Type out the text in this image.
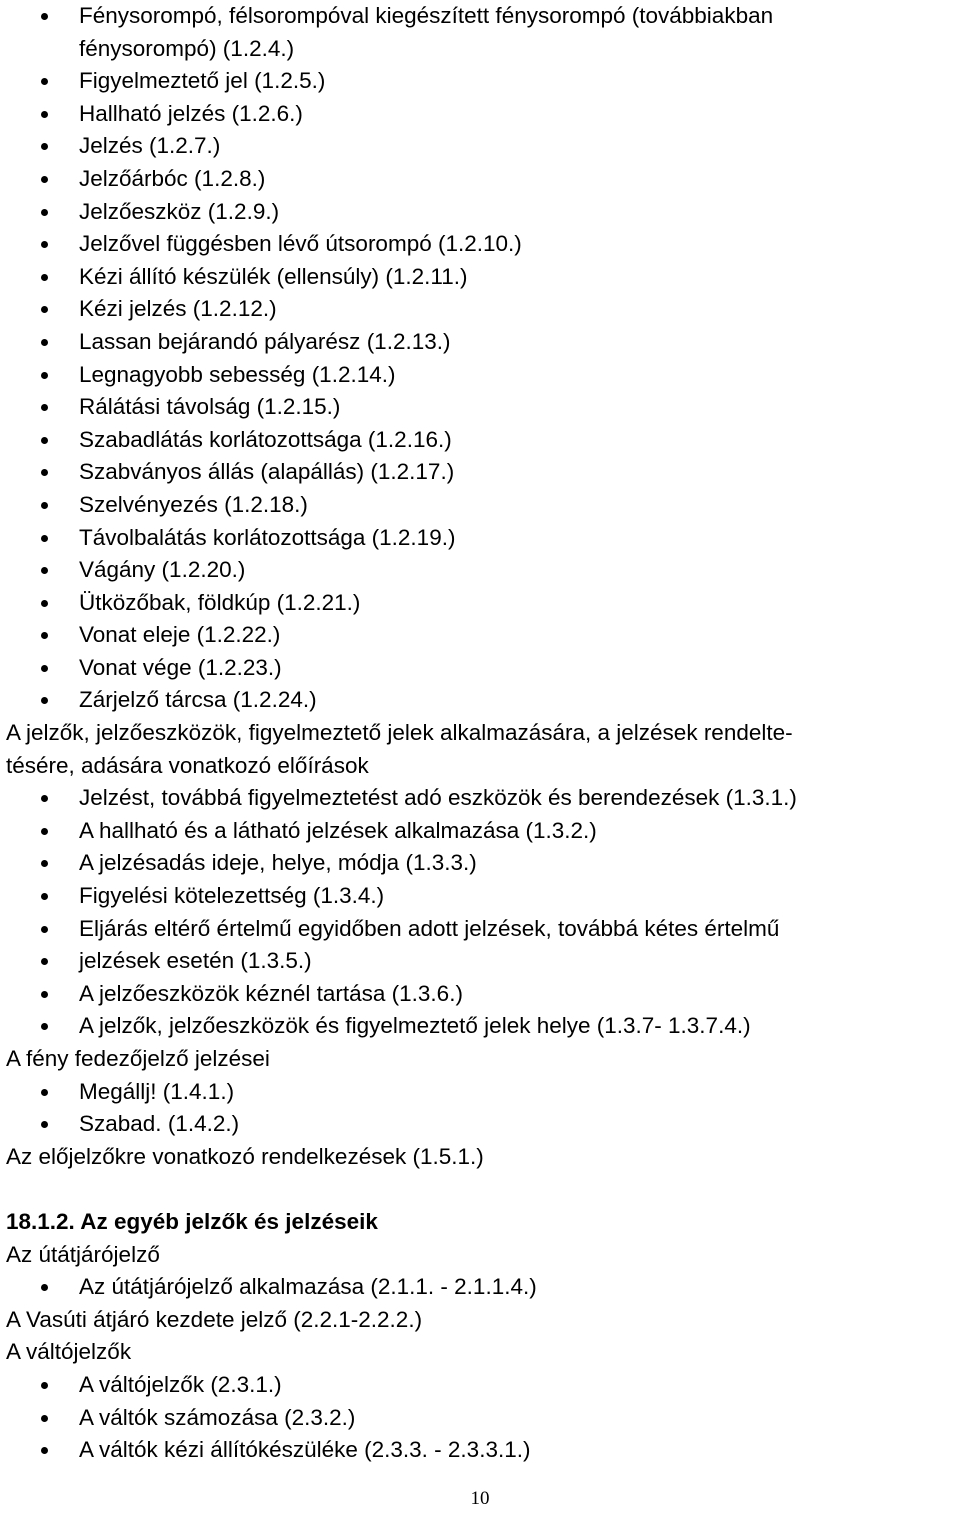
Fénysorompó, félsorompóval kiegészített fénysorompó (továbbiakban
fénysorompó) (1.2.4.)
Figyelmeztető jel (1.2.5.)
Hallható jelzés (1.2.6.)
Jelzés (1.2.7.)
Jelzőárbóc (1.2.8.)
Jelzőeszköz (1.2.9.)
Jelzővel függésben lévő útsorompó (1.2.10.)
Kézi állító készülék (ellensúly) (1.2.11.)
Kézi jelzés (1.2.12.)
Lassan bejárandó pályarész (1.2.13.)
Legnagyobb sebesség (1.2.14.)
Rálátási távolság (1.2.15.)
Szabadlátás korlátozottsága (1.2.16.)
Szabványos állás (alapállás) (1.2.17.)
Szelvényezés (1.2.18.)
Távolbalátás korlátozottsága (1.2.19.)
Vágány (1.2.20.)
Ütközőbak, földkúp (1.2.21.)
Vonat eleje (1.2.22.)
Vonat vége (1.2.23.)
Zárjelző tárcsa (1.2.24.)
A jelzők, jelzőeszközök, figyelmeztető jelek alkalmazására, a jelzések rendelte-
tésére, adására vonatkozó előírások
Jelzést, továbbá figyelmeztetést adó eszközök és berendezések (1.3.1.)
A hallható és a látható jelzések alkalmazása (1.3.2.)
A jelzésadás ideje, helye, módja (1.3.3.)
Figyelési kötelezettség (1.3.4.)
Eljárás eltérő értelmű egyidőben adott jelzések, továbbá kétes értelmű
jelzések esetén (1.3.5.)
A jelzőeszközök kéznél tartása (1.3.6.)
A jelzők, jelzőeszközök és figyelmeztető jelek helye (1.3.7- 1.3.7.4.)
A fény fedezőjelző jelzései
Megállj! (1.4.1.)
Szabad. (1.4.2.)
Az előjelzőkre vonatkozó rendelkezések (1.5.1.)
18.1.2. Az egyéb jelzők és jelzéseik
Az útátjárójelző
Az útátjárójelző alkalmazása (2.1.1. - 2.1.1.4.)
A Vasúti átjáró kezdete jelző (2.2.1-2.2.2.)
A váltójelzők
A váltójelzők (2.3.1.)
A váltók számozása (2.3.2.)
A váltók kézi állítókészüléke (2.3.3. - 2.3.3.1.)
10
